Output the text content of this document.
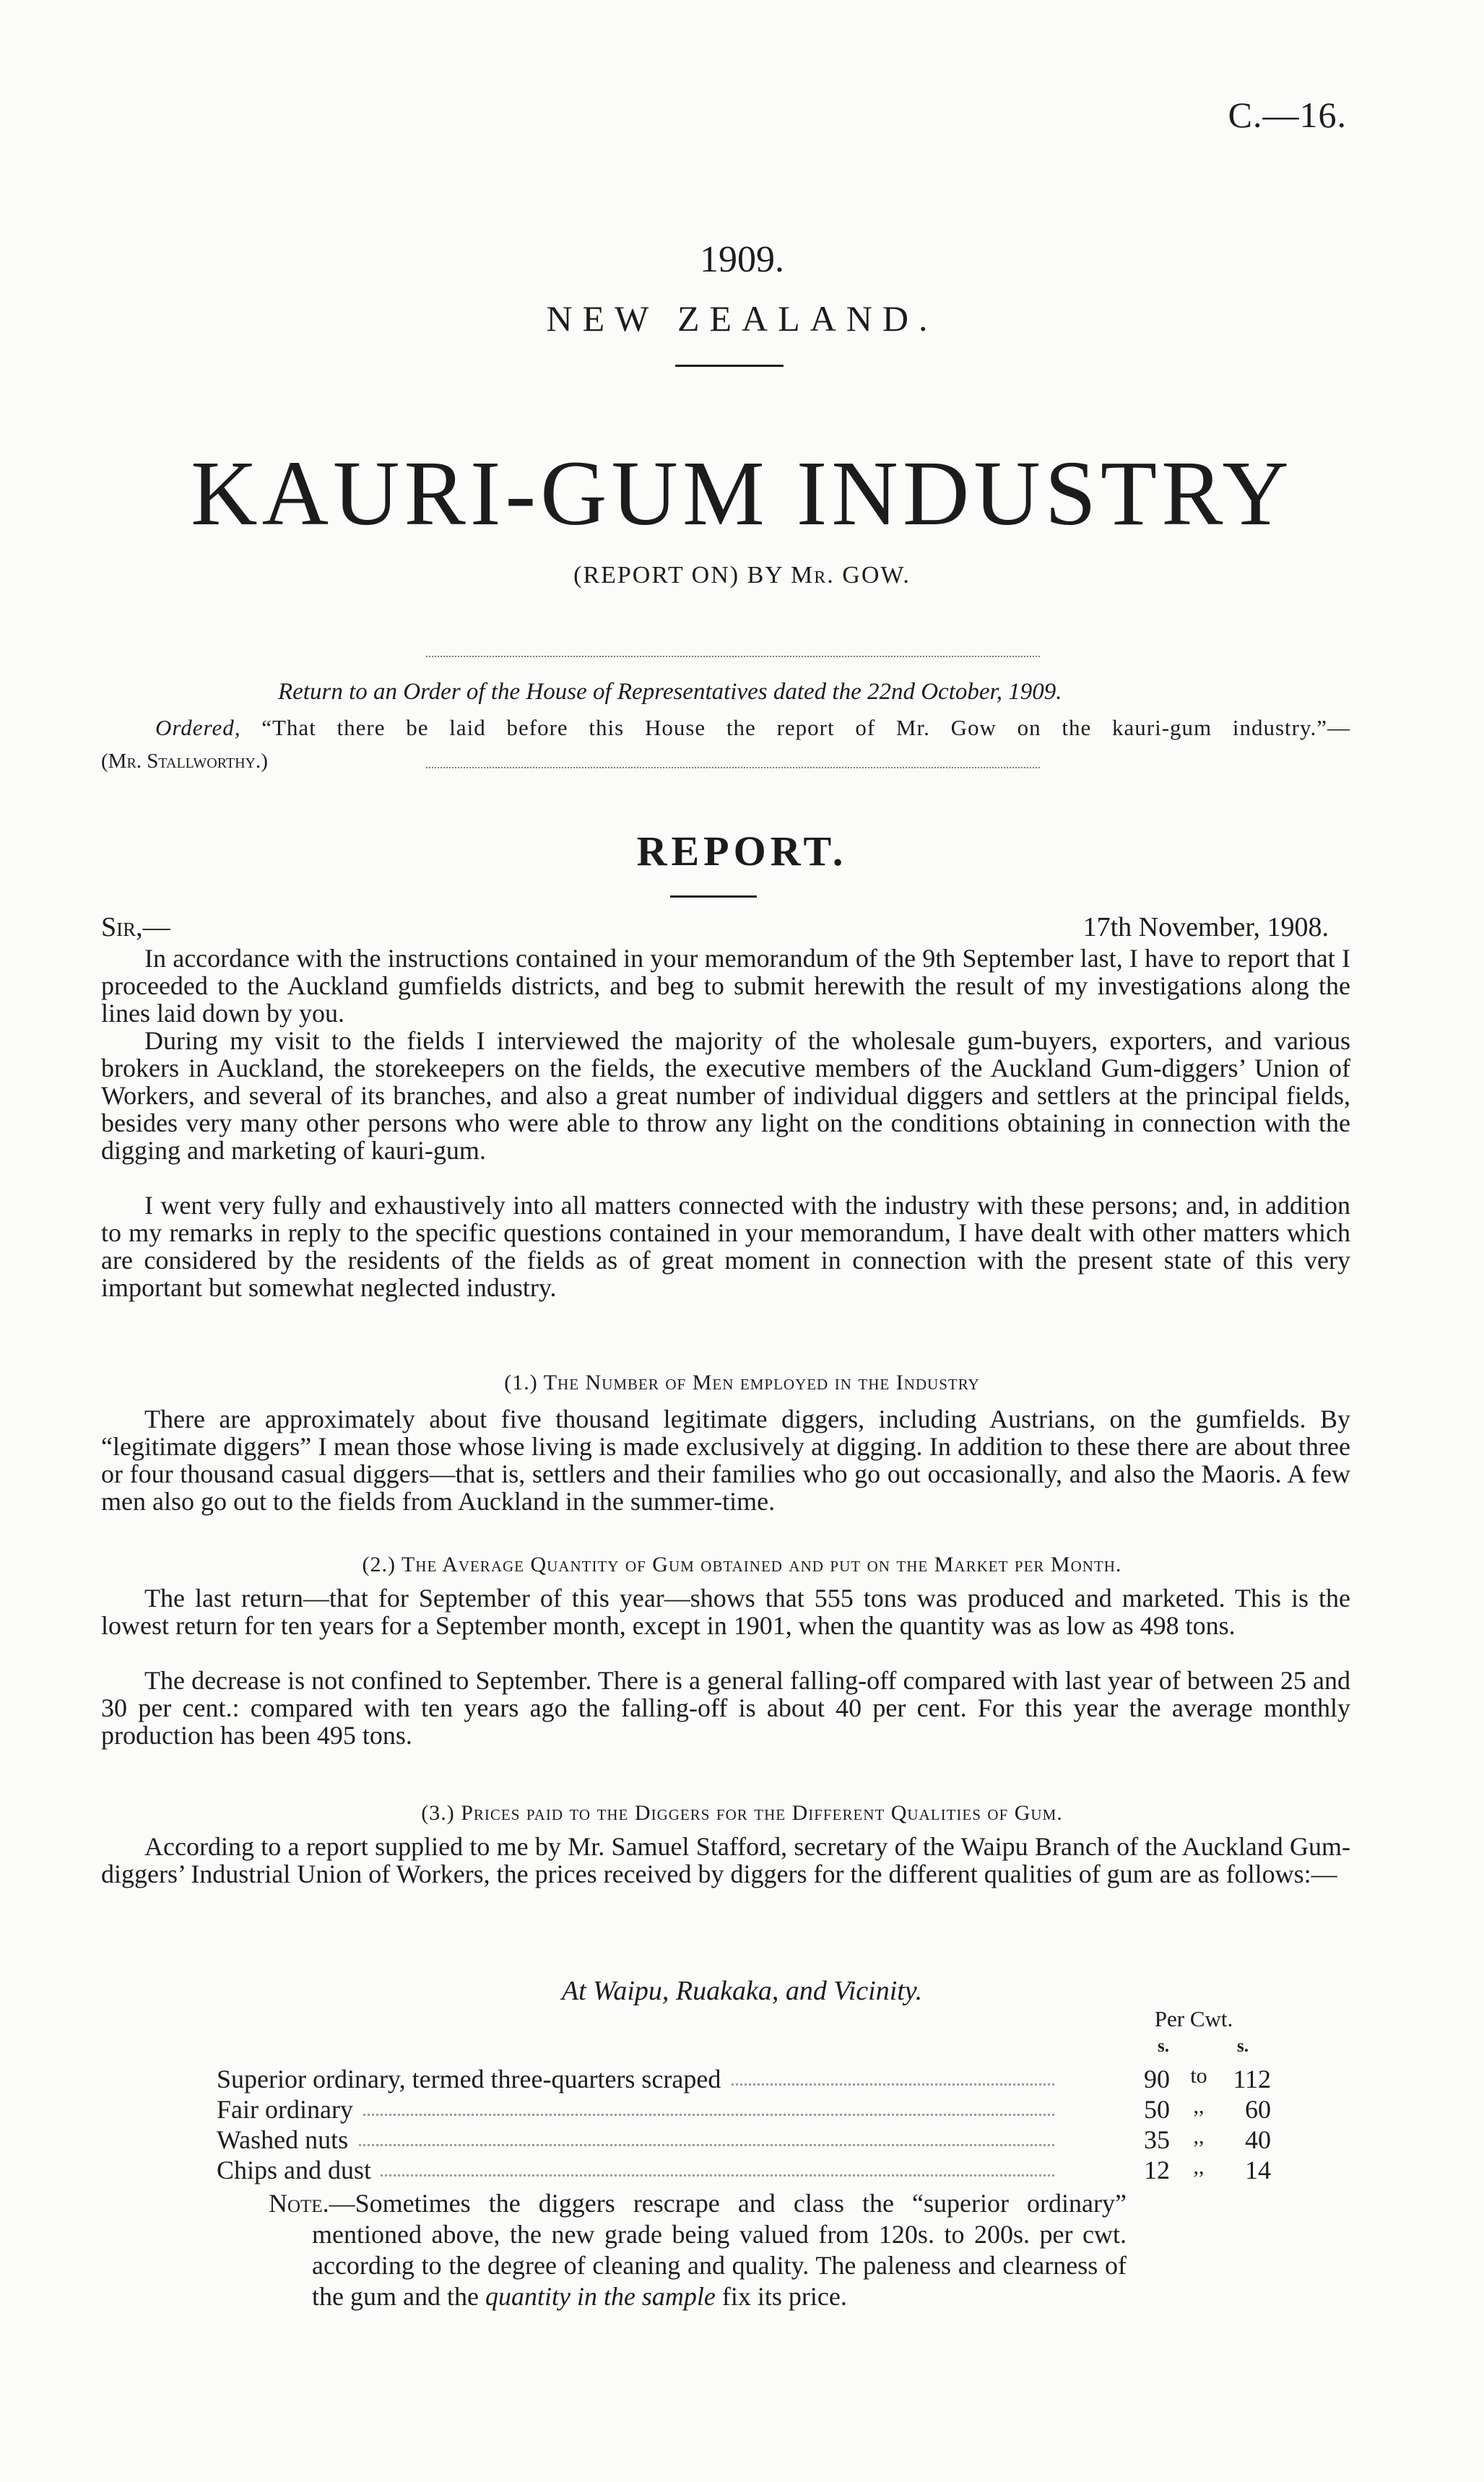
C.—16.
1909.
NEW ZEALAND.
KAURI-GUM INDUSTRY
(REPORT ON) BY Mr. GOW.
Return to an Order of the House of Representatives dated the 22nd October, 1909.
Ordered, “That there be laid before this House the report of Mr. Gow on the kauri-gum industry.”—
(Mr. Stallworthy.)
REPORT.
Sir,—	17th November, 1908.
In accordance with the instructions contained in your memorandum of the 9th September last, I have to report that I proceeded to the Auckland gumfields districts, and beg to submit herewith the result of my investigations along the lines laid down by you.
During my visit to the fields I interviewed the majority of the wholesale gum-buyers, exporters, and various brokers in Auckland, the storekeepers on the fields, the executive members of the Auckland Gum-diggers’ Union of Workers, and several of its branches, and also a great number of individual diggers and settlers at the principal fields, besides very many other persons who were able to throw any light on the conditions obtaining in connection with the digging and marketing of kauri-gum.
I went very fully and exhaustively into all matters connected with the industry with these persons; and, in addition to my remarks in reply to the specific questions contained in your memorandum, I have dealt with other matters which are considered by the residents of the fields as of great moment in connection with the present state of this very important but somewhat neglected industry.
(1.) The Number of Men employed in the Industry
There are approximately about five thousand legitimate diggers, including Austrians, on the gumfields. By “legitimate diggers” I mean those whose living is made exclusively at digging. In addition to these there are about three or four thousand casual diggers—that is, settlers and their families who go out occasionally, and also the Maoris. A few men also go out to the fields from Auckland in the summer-time.
(2.) The Average Quantity of Gum obtained and put on the Market per Month.
The last return—that for September of this year—shows that 555 tons was produced and marketed. This is the lowest return for ten years for a September month, except in 1901, when the quantity was as low as 498 tons.
The decrease is not confined to September. There is a general falling-off compared with last year of between 25 and 30 per cent.: compared with ten years ago the falling-off is about 40 per cent. For this year the average monthly production has been 495 tons.
(3.) Prices paid to the Diggers for the Different Qualities of Gum.
According to a report supplied to me by Mr. Samuel Stafford, secretary of the Waipu Branch of the Auckland Gum-diggers’ Industrial Union of Workers, the prices received by diggers for the different qualities of gum are as follows:—
At Waipu, Ruakaka, and Vicinity.
Per Cwt.
s.	s.
Superior ordinary, termed three-quarters scraped	90 to 112
Fair ordinary	50	,,	60
Washed nuts	35	,,	40
Chips and dust	12	,,	14
Note.—Sometimes the diggers rescrape and class the “superior ordinary” mentioned above, the new grade being valued from 120s. to 200s. per cwt. according to the degree of cleaning and quality. The paleness and clearness of the gum and the quantity in the sample fix its price.
